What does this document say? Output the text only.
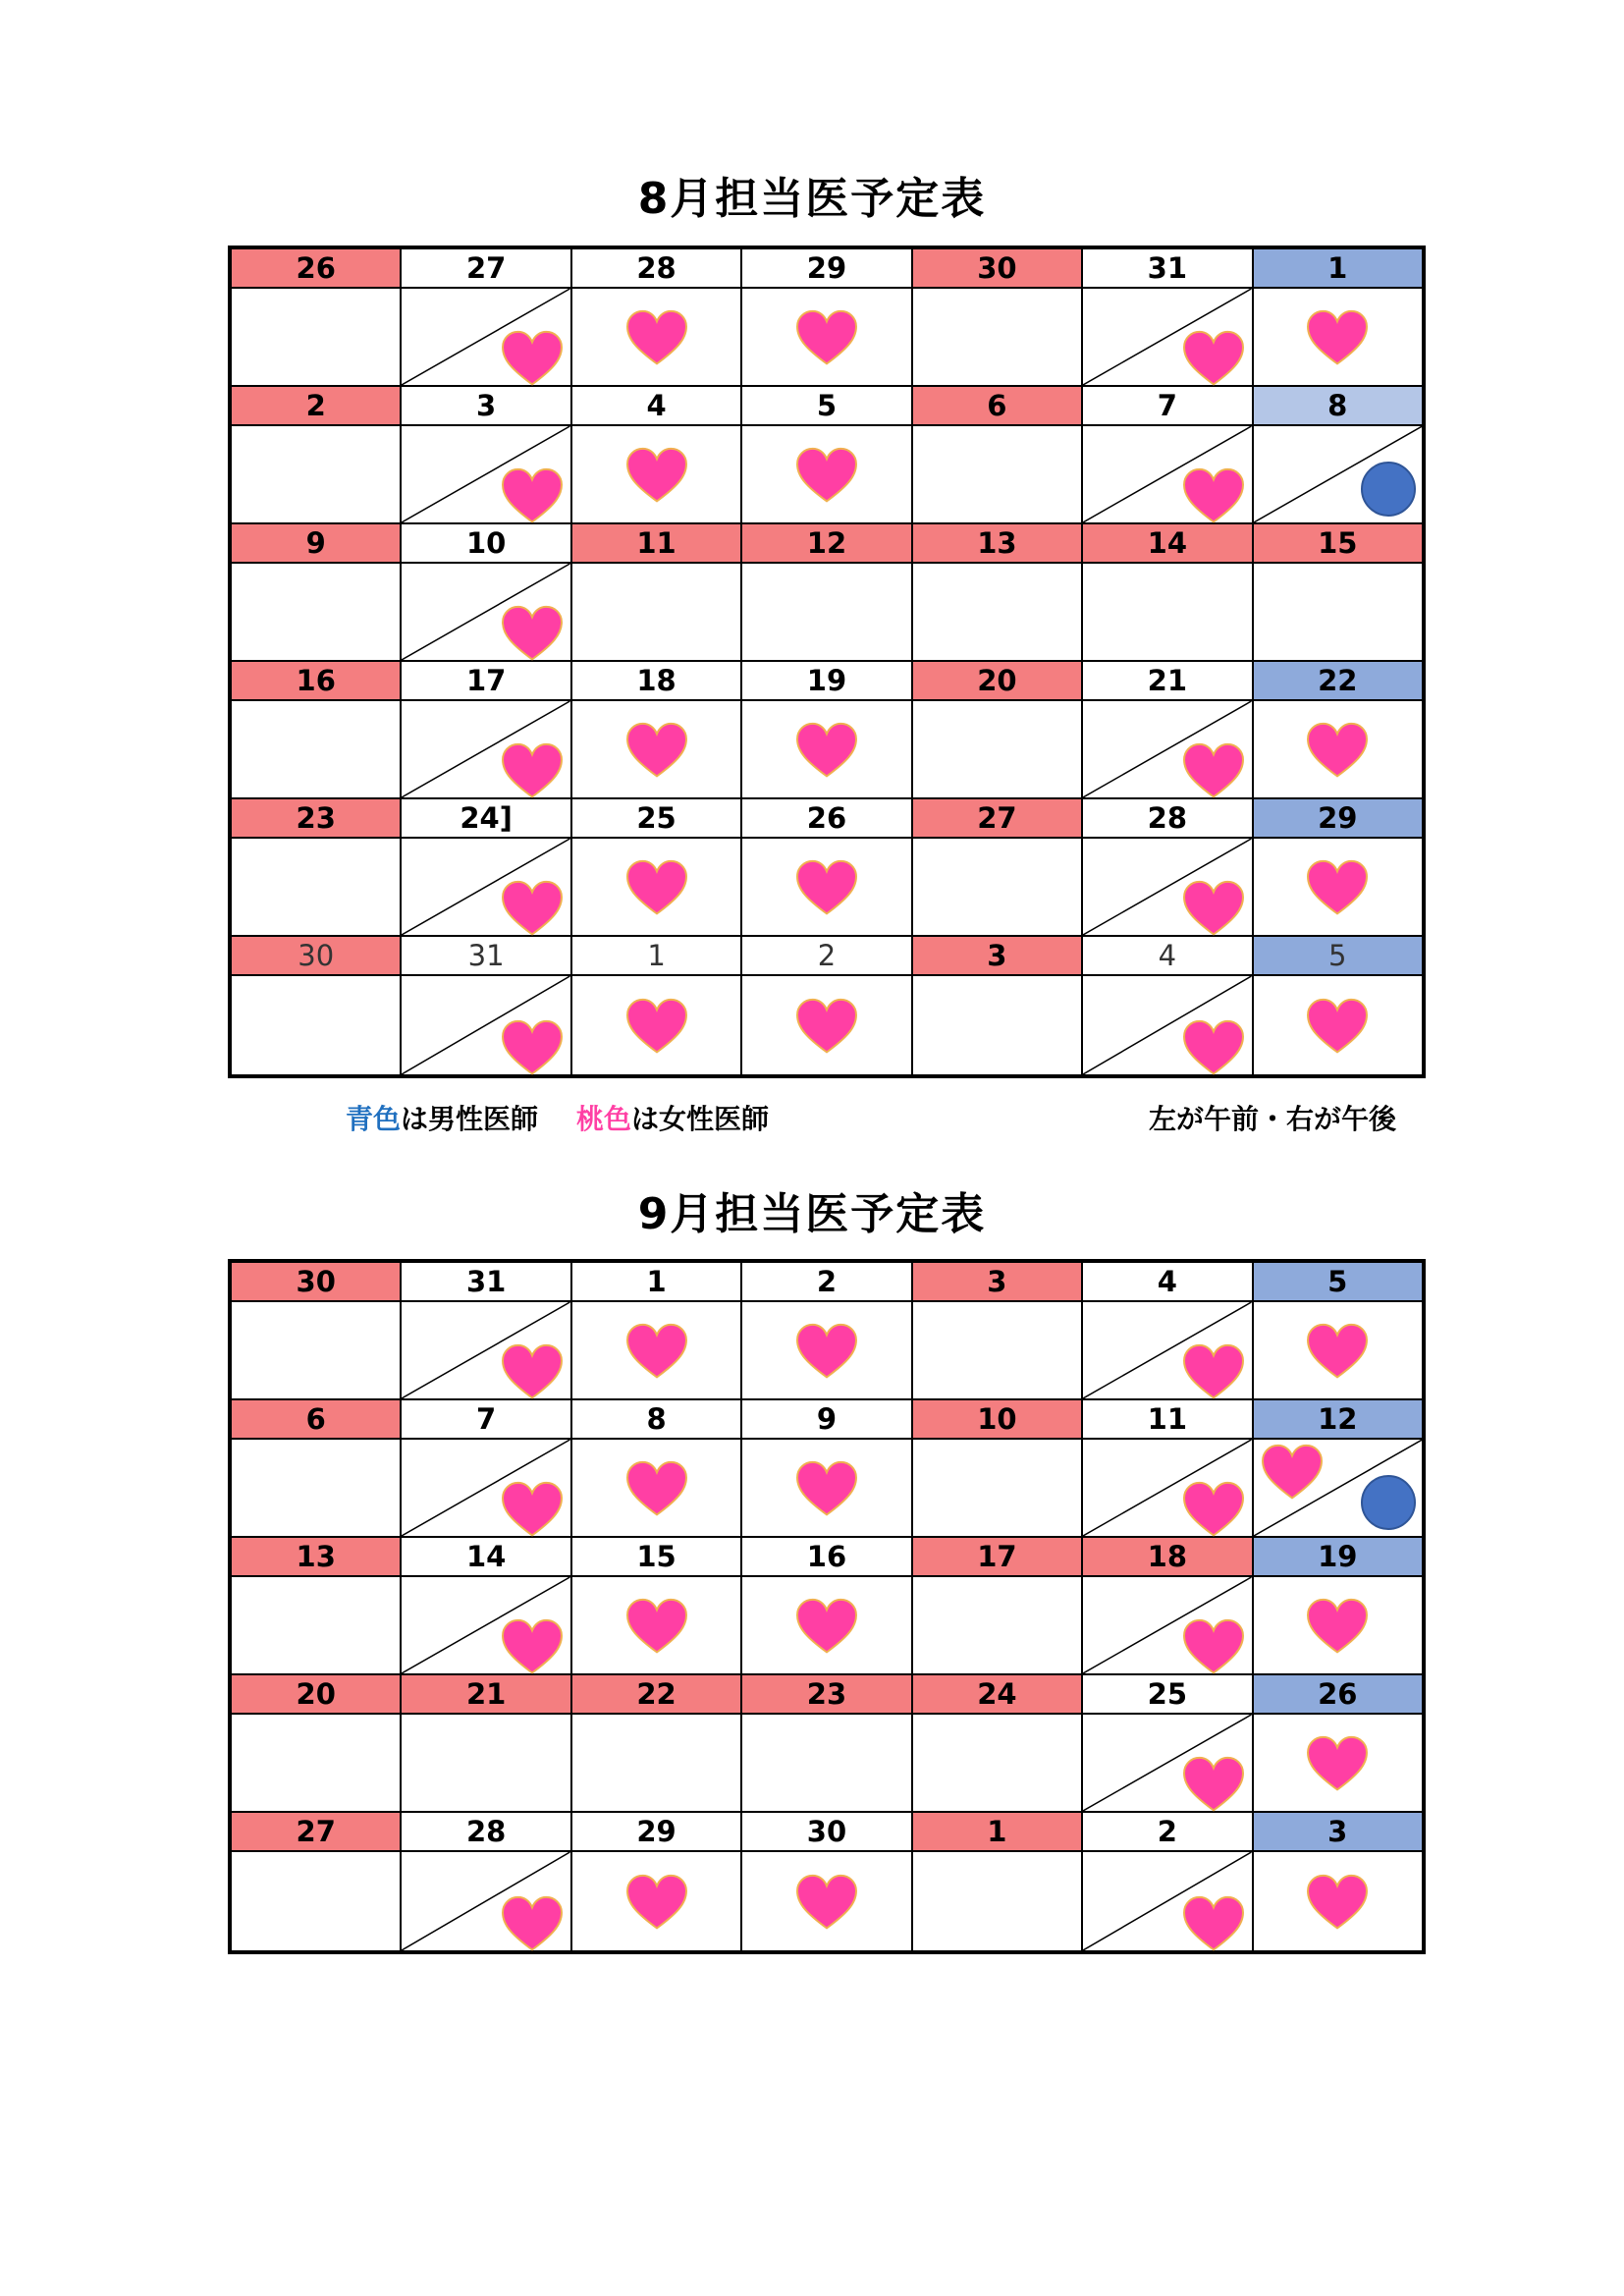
8月担当医予定表
26	27	28	29	30	31	1
2	3	4	5	6	7	8
9	10	11	12	13	14	15
16	17	18	19	20	21	22
23	24]	25	26	27	28	29
30	31	1	2	3	4	5
青色は男性医師 桃色は女性医師	左が午前・右が午後
9月担当医予定表
30	31	1	2	3	4	5
6	7	8	9	10	11	12
13	14	15	16	17	18	19
20	21	22	23	24	25	26
27	28	29	30	1	2	3
